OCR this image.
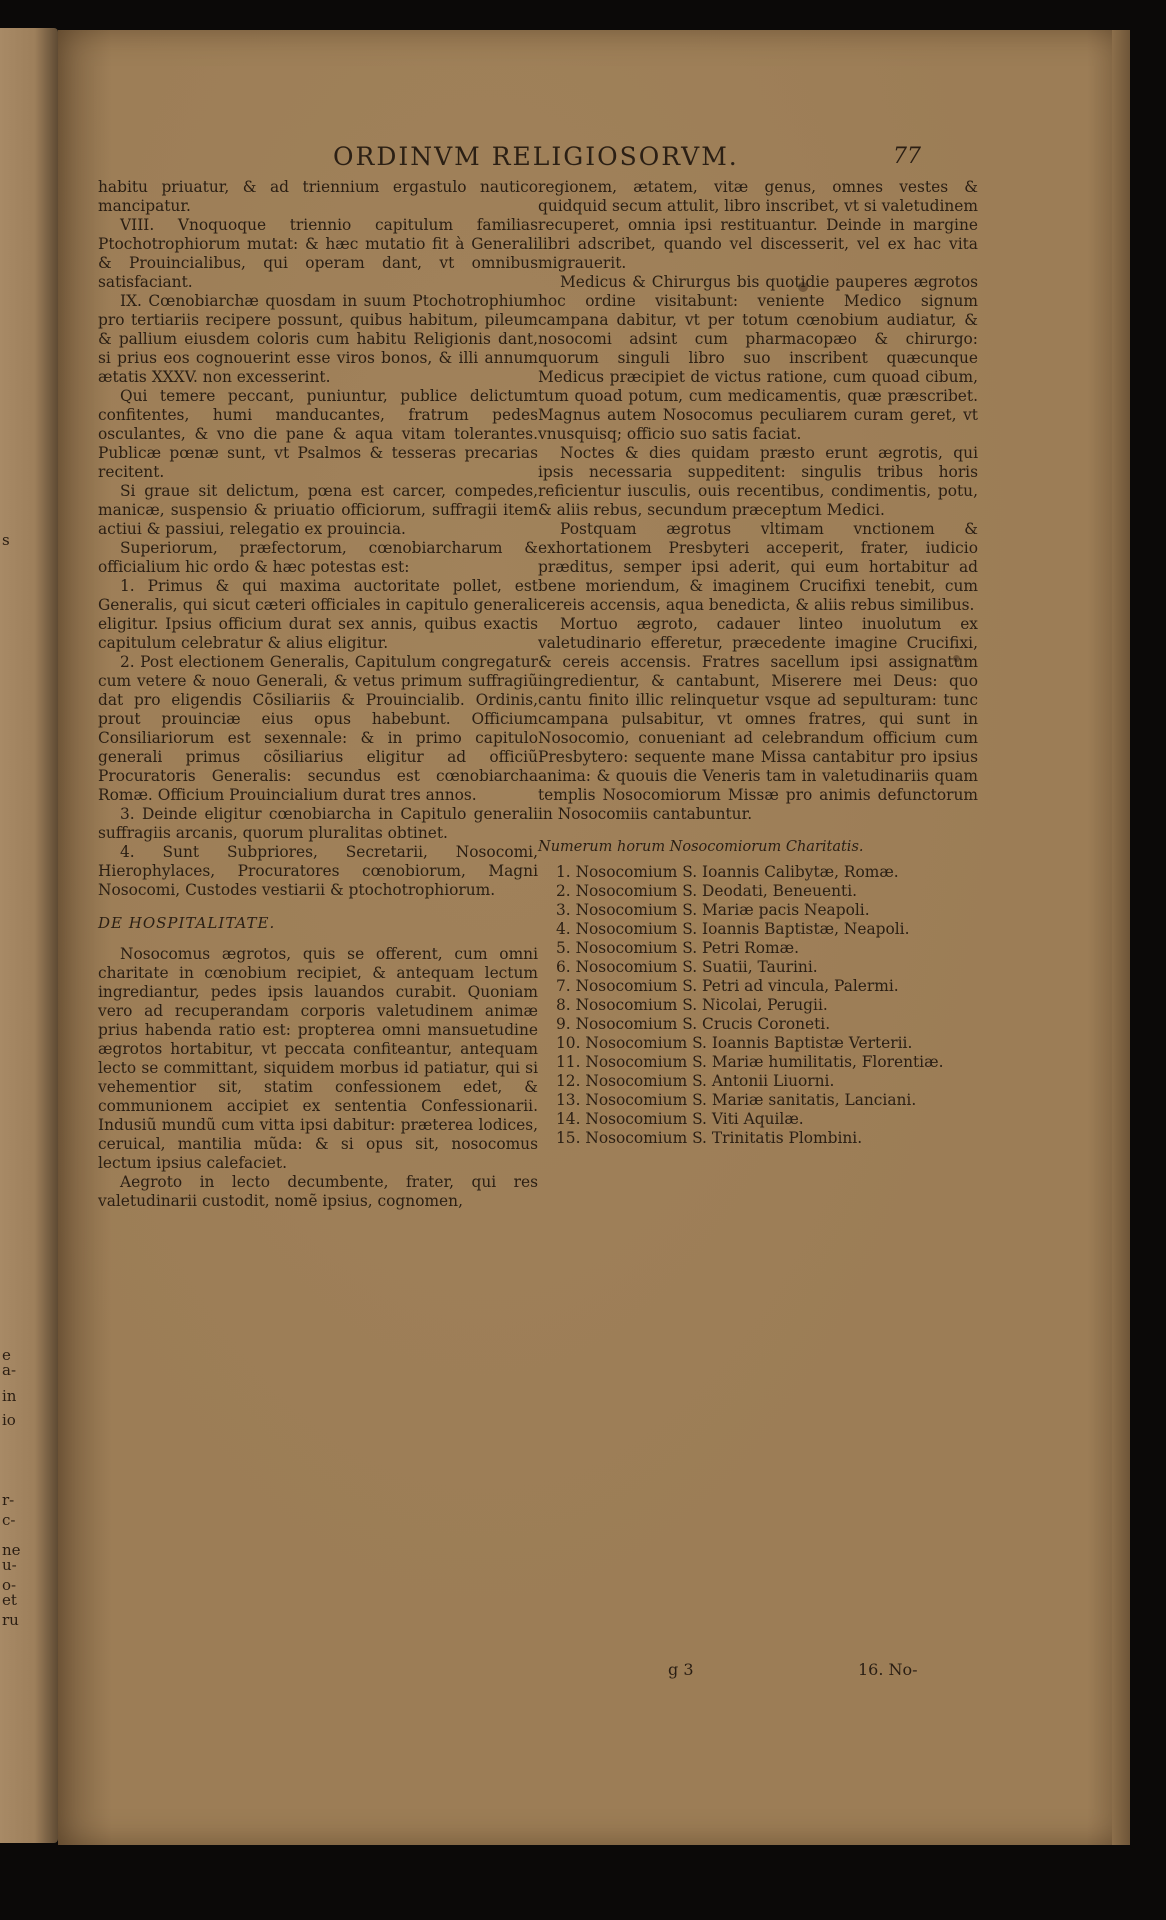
s
e
a-
in
io
r-
c-
ne
u-
o-
et
ru
ORDINVM RELIGIOSORVM.	77

habitu priuatur, & ad triennium ergastulo nautico mancipatur.

VIII. Vnoquoque triennio capitulum familias Ptochotrophiorum mutat: & hæc mutatio fit à Generali & Prouincialibus, qui operam dant, vt omnibus satisfaciant.

IX. Cœnobiarchæ quosdam in suum Ptochotrophium pro tertiariis recipere possunt, quibus habitum, pileum & pallium eiusdem coloris cum habitu Religionis dant, si prius eos cognouerint esse viros bonos, & illi annum ætatis XXXV. non excesserint.

Qui temere peccant, puniuntur, publice delictum confitentes, humi manducantes, fratrum pedes osculantes, & vno die pane & aqua vitam tolerantes. Publicæ pœnæ sunt, vt Psalmos & tesseras precarias recitent.

Si graue sit delictum, pœna est carcer, compedes, manicæ, suspensio & priuatio officiorum, suffragii item actiui & passiui, relegatio ex prouincia.

Superiorum, præfectorum, cœnobiarcharum & officialium hic ordo & hæc potestas est:

1. Primus & qui maxima auctoritate pollet, est Generalis, qui sicut cæteri officiales in capitulo generali eligitur. Ipsius officium durat sex annis, quibus exactis capitulum celebratur & alius eligitur.

2. Post electionem Generalis, Capitulum congregatur cum vetere & nouo Generali, & vetus primum suffragiũ dat pro eligendis Cõsiliariis & Prouincialib. Ordinis, prout prouinciæ eius opus habebunt. Officium Consiliariorum est sexennale: & in primo capitulo generali primus cõsiliarius eligitur ad officiũ Procuratoris Generalis: secundus est cœnobiarcha Romæ. Officium Prouincialium durat tres annos.

3. Deinde eligitur cœnobiarcha in Capitulo generali suffragiis arcanis, quorum pluralitas obtinet.

4. Sunt Subpriores, Secretarii, Nosocomi, Hierophylaces, Procuratores cœnobiorum, Magni Nosocomi, Custodes vestiarii & ptochotrophiorum.

DE HOSPITALITATE.

Nosocomus ægrotos, quis se offerent, cum omni charitate in cœnobium recipiet, & antequam lectum ingrediantur, pedes ipsis lauandos curabit. Quoniam vero ad recuperandam corporis valetudinem animæ prius habenda ratio est: propterea omni mansuetudine ægrotos hortabitur, vt peccata confiteantur, antequam lecto se committant, siquidem morbus id patiatur, qui si vehementior sit, statim confessionem edet, & communionem accipiet ex sententia Confessionarii. Indusiũ mundũ cum vitta ipsi dabitur: præterea lodices, ceruical, mantilia mũda: & si opus sit, nosocomus lectum ipsius calefaciet.

Aegroto in lecto decumbente, frater, qui res valetudinarii custodit, nomẽ ipsius, cognomen,

regionem, ætatem, vitæ genus, omnes vestes & quidquid secum attulit, libro inscribet, vt si valetudinem recuperet, omnia ipsi restituantur. Deinde in margine libri adscribet, quando vel discesserit, vel ex hac vita migrauerit.

Medicus & Chirurgus bis quotidie pauperes ægrotos hoc ordine visitabunt: veniente Medico signum campana dabitur, vt per totum cœnobium audiatur, & nosocomi adsint cum pharmacopæo & chirurgo: quorum singuli libro suo inscribent quæcunque Medicus præcipiet de victus ratione, cum quoad cibum, tum quoad potum, cum medicamentis, quæ præscribet. Magnus autem Nosocomus peculiarem curam geret, vt vnusquisq; officio suo satis faciat.

Noctes & dies quidam præsto erunt ægrotis, qui ipsis necessaria suppeditent: singulis tribus horis reficientur iusculis, ouis recentibus, condimentis, potu, & aliis rebus, secundum præceptum Medici.

Postquam ægrotus vltimam vnctionem & exhortationem Presbyteri acceperit, frater, iudicio præditus, semper ipsi aderit, qui eum hortabitur ad bene moriendum, & imaginem Crucifixi tenebit, cum cereis accensis, aqua benedicta, & aliis rebus similibus.

Mortuo ægroto, cadauer linteo inuolutum ex valetudinario efferetur, præcedente imagine Crucifixi, & cereis accensis. Fratres sacellum ipsi assignatum ingredientur, & cantabunt, Miserere mei Deus: quo cantu finito illic relinquetur vsque ad sepulturam: tunc campana pulsabitur, vt omnes fratres, qui sunt in Nosocomio, conueniant ad celebrandum officium cum Presbytero: sequente mane Missa cantabitur pro ipsius anima: & quouis die Veneris tam in valetudinariis quam templis Nosocomiorum Missæ pro animis defunctorum in Nosocomiis cantabuntur.

Numerum horum Nosocomiorum Charitatis.

1. Nosocomium S. Ioannis Calibytæ, Romæ.

2. Nosocomium S. Deodati, Beneuenti.

3. Nosocomium S. Mariæ pacis Neapoli.

4. Nosocomium S. Ioannis Baptistæ, Neapoli.

5. Nosocomium S. Petri Romæ.

6. Nosocomium S. Suatii, Taurini.

7. Nosocomium S. Petri ad vincula, Palermi.

8. Nosocomium S. Nicolai, Perugii.

9. Nosocomium S. Crucis Coroneti.

10. Nosocomium S. Ioannis Baptistæ Verterii.

11. Nosocomium S. Mariæ humilitatis, Florentiæ.

12. Nosocomium S. Antonii Liuorni.

13. Nosocomium S. Mariæ sanitatis, Lanciani.

14. Nosocomium S. Viti Aquilæ.

15. Nosocomium S. Trinitatis Plombini.

g 3	16. No-
